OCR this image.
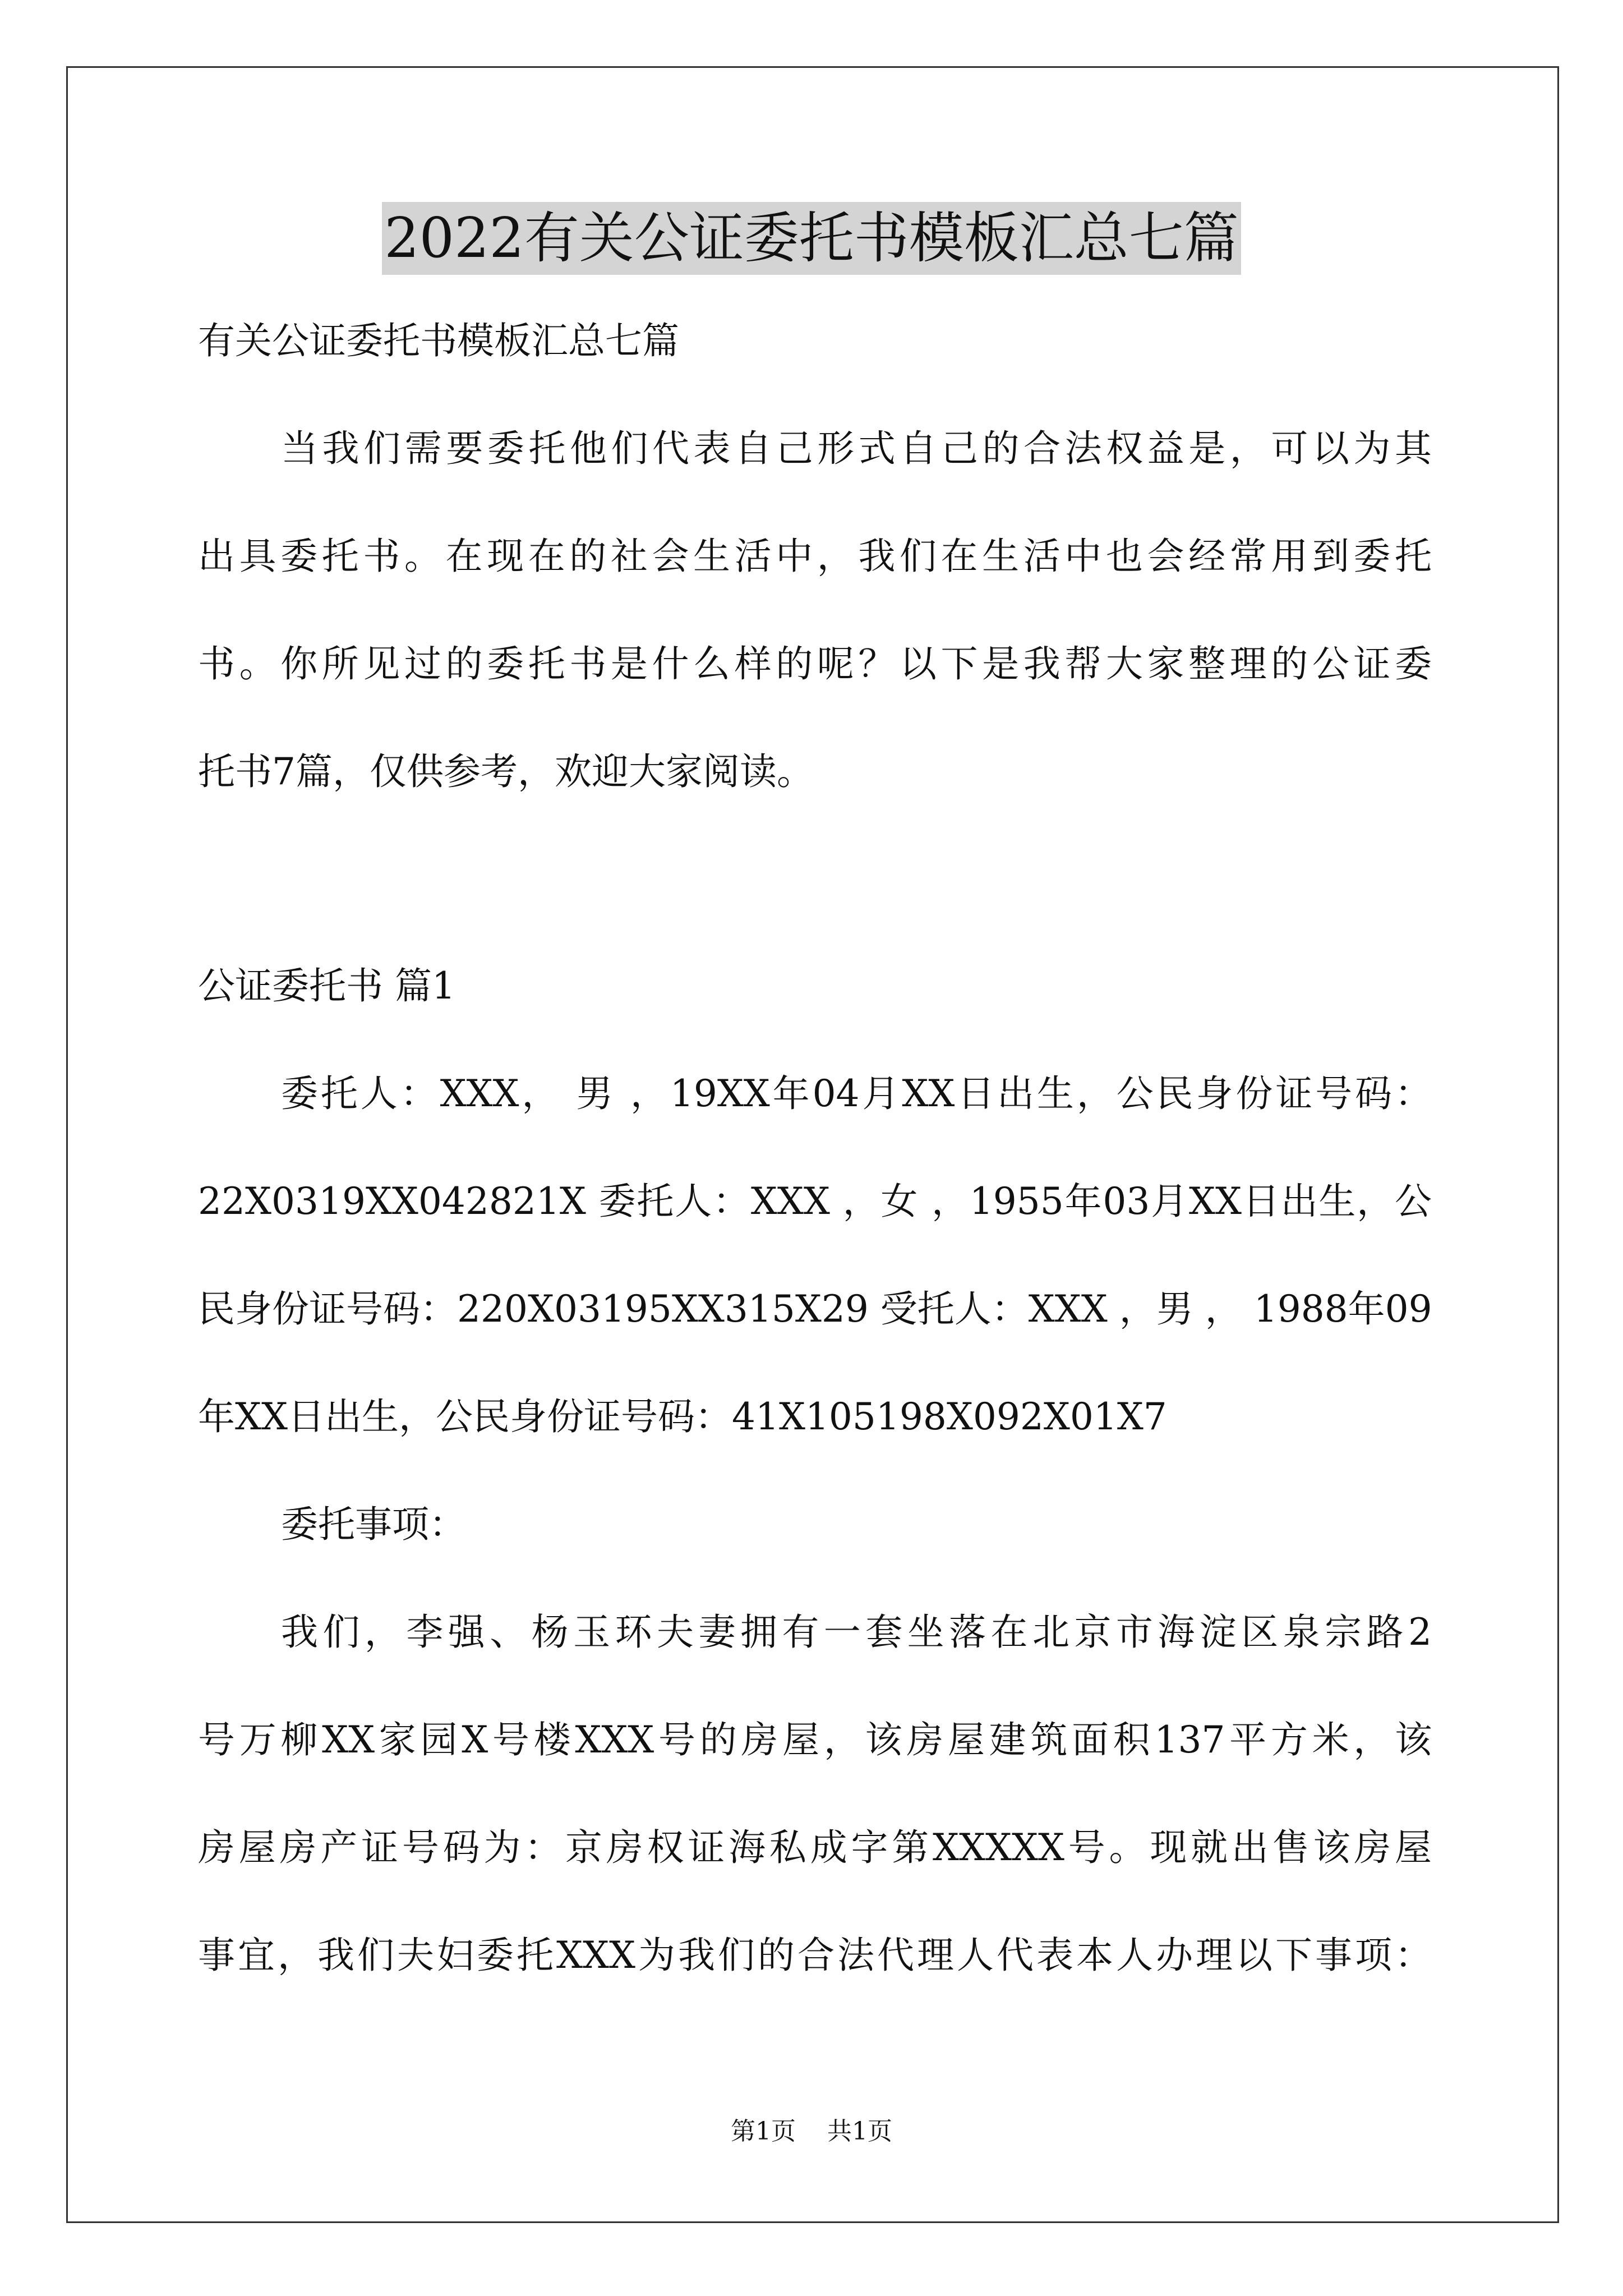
2022有关公证委托书模板汇总七篇
有关公证委托书模板汇总七篇
当我们需要委托他们代表自己形式自己的合法权益是，可以为其
出具委托书。在现在的社会生活中，我们在生活中也会经常用到委托
书。你所见过的委托书是什么样的呢？以下是我帮大家整理的公证委
托书7篇，仅供参考，欢迎大家阅读。
公证委托书 篇1
委托人：XXX， 男 ，19XX年04月XX日出生，公民身份证号码：
22X0319XX042821X 委托人：XXX ，女 ，1955年03月XX日出生，公
民身份证号码：220X03195XX315X29 受托人：XXX ，男 ， 1988年09
年XX日出生，公民身份证号码：41X105198X092X01X7
委托事项：
我们，李强、杨玉环夫妻拥有一套坐落在北京市海淀区泉宗路2
号万柳XX家园X号楼XXX号的房屋，该房屋建筑面积137平方米，该
房屋房产证号码为：京房权证海私成字第XXXXX号。现就出售该房屋
事宜，我们夫妇委托XXX为我们的合法代理人代表本人办理以下事项：
第1页 共1页
